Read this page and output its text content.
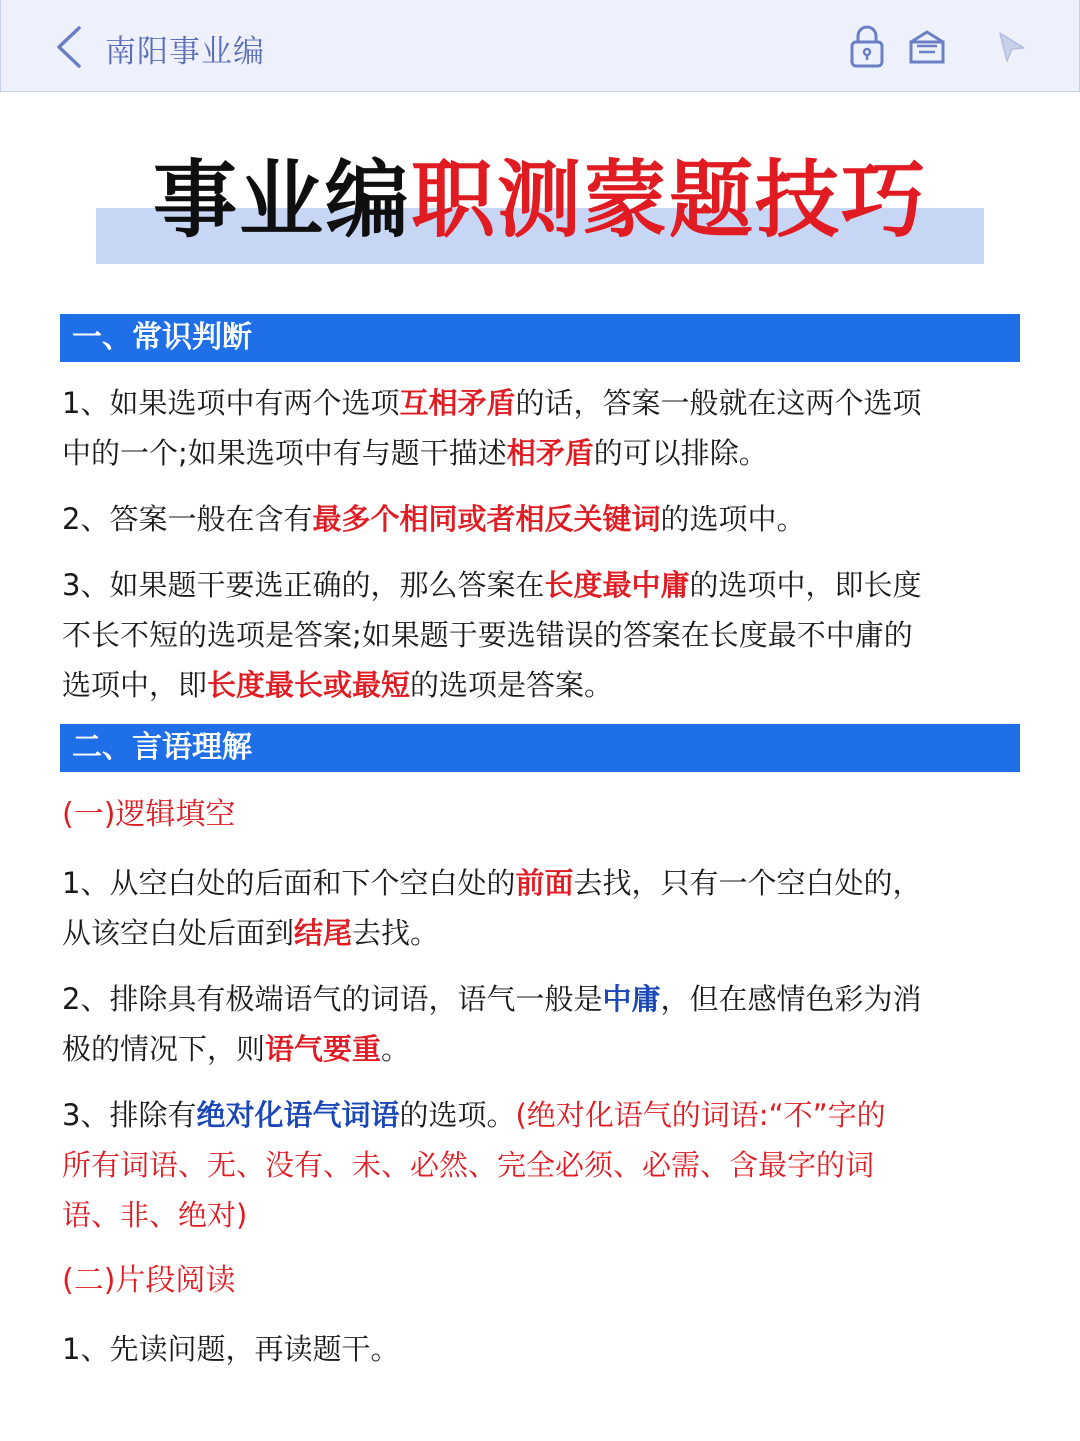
南阳事业编
事业编职测蒙题技巧
一、常识判断
1、如果选项中有两个选项互相矛盾的话，答案一般就在这两个选项
中的一个;如果选项中有与题干描述相矛盾的可以排除。
2、答案一般在含有最多个相同或者相反关键词的选项中。
3、如果题干要选正确的，那么答案在长度最中庸的选项中，即长度
不长不短的选项是答案;如果题于要选错误的答案在长度最不中庸的
选项中，即长度最长或最短的选项是答案。
二、言语理解
(一)逻辑填空
1、从空白处的后面和下个空白处的前面去找，只有一个空白处的，
从该空白处后面到结尾去找。
2、排除具有极端语气的词语，语气一般是中庸，但在感情色彩为消
极的情况下，则语气要重。
3、排除有绝对化语气词语的选项。(绝对化语气的词语:“不”字的
所有词语、无、没有、未、必然、完全必须、必需、含最字的词
语、非、绝对)
(二)片段阅读
1、先读问题，再读题干。
